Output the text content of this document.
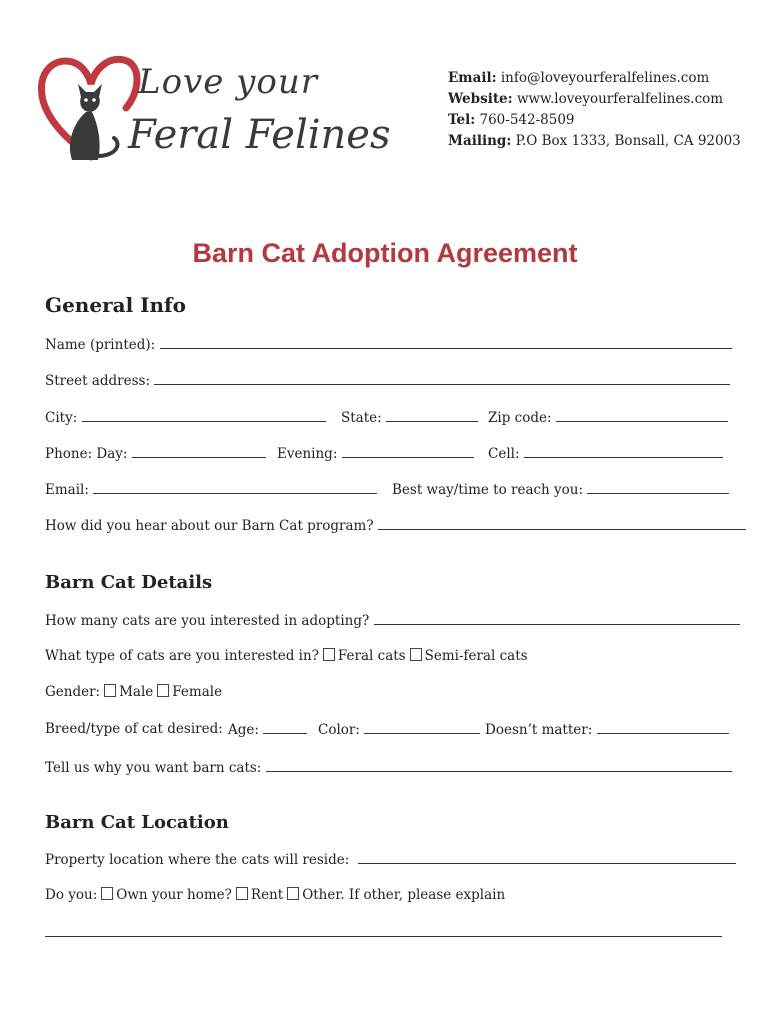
Love your
Feral Felines
Email: info@loveyourferalfelines.com
Website: www.loveyourferalfelines.com
Tel: 760-542-8509
Mailing: P.O Box 1333, Bonsall, CA 92003
Barn Cat Adoption Agreement
General Info
Name (printed):
Street address:
City:	State:	Zip code:
Phone: Day:	Evening:	Cell:
Email:	Best way/time to reach you:
How did you hear about our Barn Cat program?
Barn Cat Details
How many cats are you interested in adopting?
What type of cats are you interested in? Feral cats Semi-feral cats
Gender: Male Female
Breed/type of cat desired: Age:	Color:	Doesn’t matter:
Tell us why you want barn cats:
Barn Cat Location
Property location where the cats will reside:
Do you: Own your home? Rent Other. If other, please explain
